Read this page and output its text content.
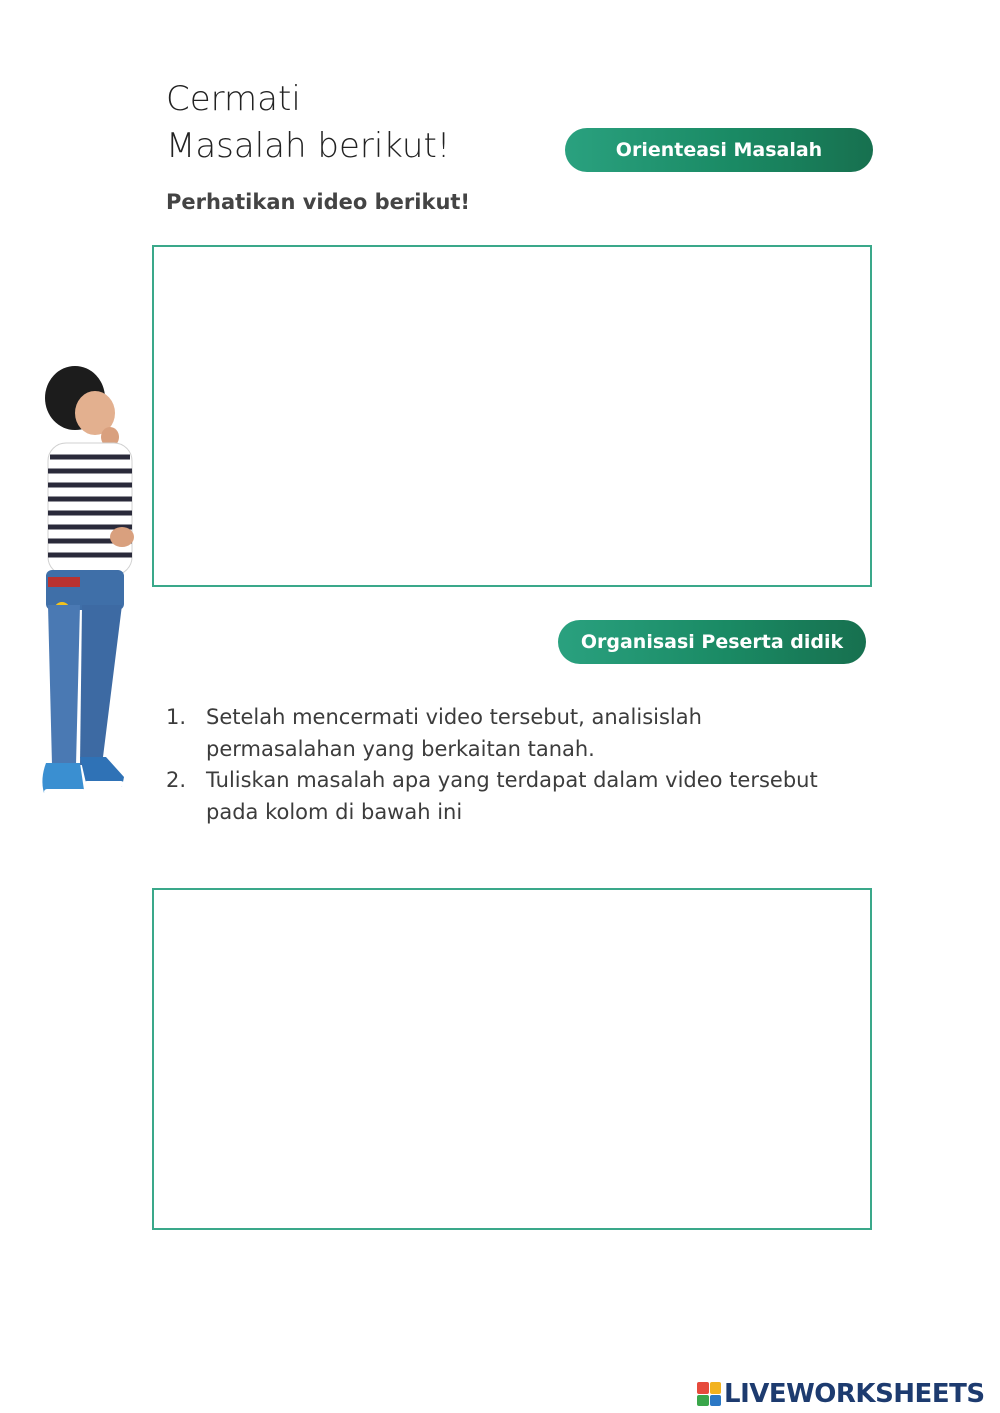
Cermati
Masalah berikut!	Orienteasi Masalah

Perhatikan video berikut!

Organisasi Peserta didik
1. Setelah mencermati video tersebut, analisislah permasalahan yang berkaitan tanah.
2. Tuliskan masalah apa yang terdapat dalam video tersebut pada kolom di bawah ini
LIVEWORKSHEETS
